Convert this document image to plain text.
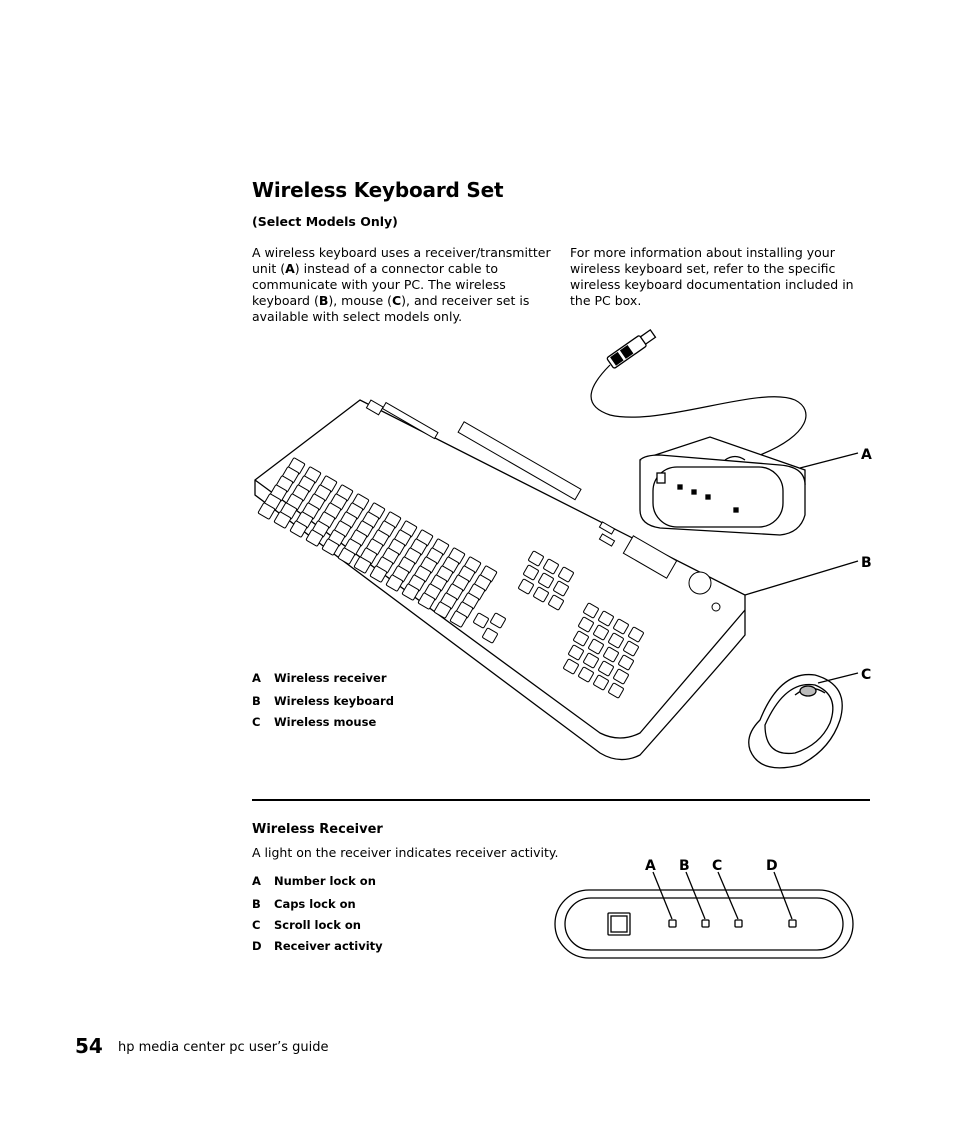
Wireless Keyboard Set
(Select Models Only)
A wireless keyboard uses a receiver/transmitter unit (A) instead of a connector cable to communicate with your PC. The wireless keyboard (B), mouse (C), and receiver set is available with select models only.
For more information about installing your wireless keyboard set, refer to the specific wireless keyboard documentation included in the PC box.
A
B
C
A Wireless receiver
B Wireless keyboard
C Wireless mouse
Wireless Receiver
A light on the receiver indicates receiver activity.
A Number lock on
B Caps lock on
C Scroll lock on
D Receiver activity
A B C	D
54 hp media center pc user’s guide
